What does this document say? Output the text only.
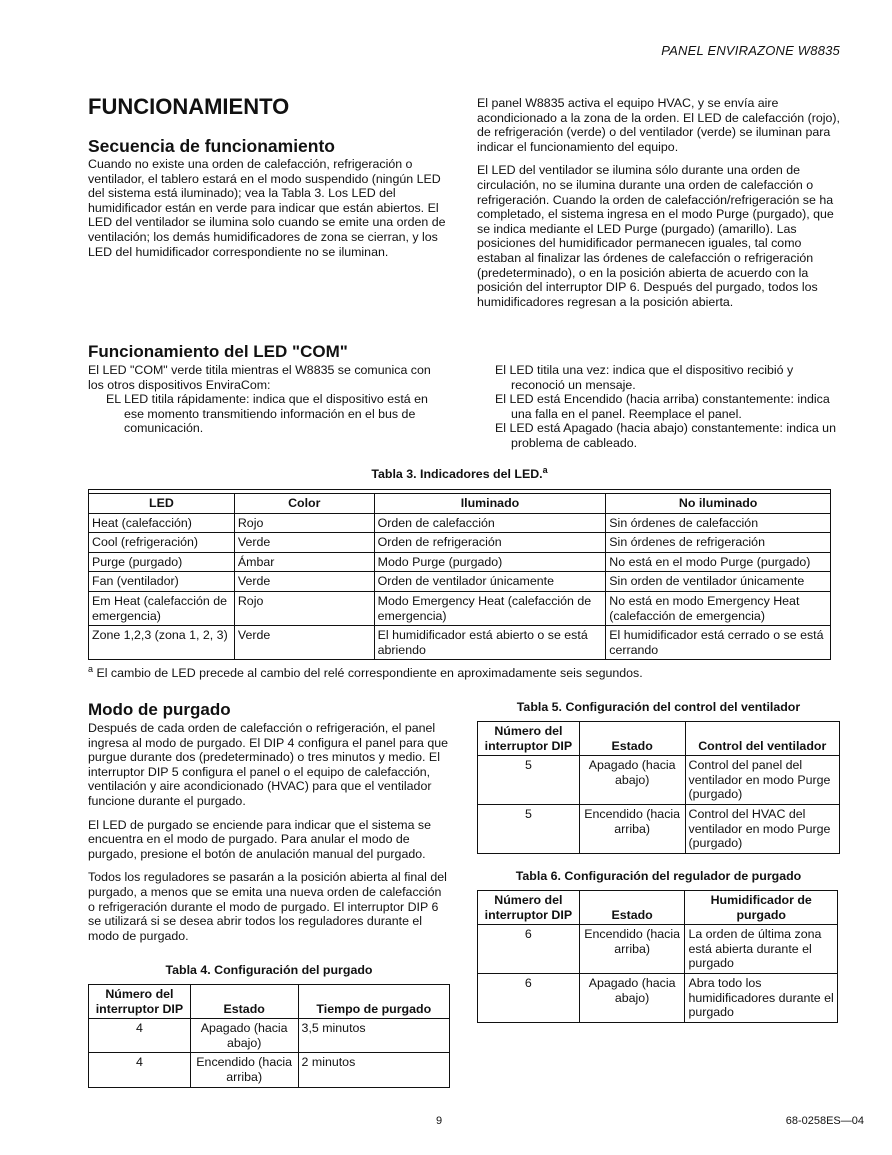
PANEL ENVIRAZONE W8835
FUNCIONAMIENTO
Secuencia de funcionamiento

Cuando no existe una orden de calefacción, refrigeración o ventilador, el tablero estará en el modo suspendido (ningún LED del sistema está iluminado); vea la Tabla 3. Los LED del humidificador están en verde para indicar que están abiertos. El LED del ventilador se ilumina solo cuando se emite una orden de ventilación; los demás humidificadores de zona se cierran, y los LED del humidificador correspondiente no se iluminan.

El panel W8835 activa el equipo HVAC, y se envía aire acondicionado a la zona de la orden. El LED de calefacción (rojo), de refrigeración (verde) o del ventilador (verde) se iluminan para indicar el funcionamiento del equipo.

El LED del ventilador se ilumina sólo durante una orden de circulación, no se ilumina durante una orden de calefacción o refrigeración. Cuando la orden de calefacción/refrigeración se ha completado, el sistema ingresa en el modo Purge (purgado), que se indica mediante el LED Purge (purgado) (amarillo). Las posiciones del humidificador permanecen iguales, tal como estaban al finalizar las órdenes de calefacción o refrigeración (predeterminado), o en la posición abierta de acuerdo con la posición del interruptor DIP 6. Después del purgado, todos los humidificadores regresan a la posición abierta.

Funcionamiento del LED "COM"

El LED "COM" verde titila mientras el W8835 se comunica con los otros dispositivos EnviraCom:

EL LED titila rápidamente: indica que el dispositivo está en ese momento transmitiendo información en el bus de comunicación.

El LED titila una vez: indica que el dispositivo recibió y reconoció un mensaje.

El LED está Encendido (hacia arriba) constantemente: indica una falla en el panel. Reemplace el panel.

El LED está Apagado (hacia abajo) constantemente: indica un problema de cableado.

Tabla 3. Indicadores del LED.$^a$

LED	Color	Iluminado	No iluminado
Heat (calefacción)	Rojo	Orden de calefacción	Sin órdenes de calefacción
Cool (refrigeración)	Verde	Orden de refrigeración	Sin órdenes de refrigeración
Purge (purgado)	Ámbar	Modo Purge (purgado)	No está en el modo Purge (purgado)
Fan (ventilador)	Verde	Orden de ventilador únicamente	Sin orden de ventilador únicamente
Em Heat (calefacción de emergencia)	Rojo	Modo Emergency Heat (calefacción de emergencia)	No está en modo Emergency Heat (calefacción de emergencia)
Zone 1,2,3 (zona 1, 2, 3)	Verde	El humidificador está abierto o se está abriendo	El humidificador está cerrado o se está cerrando
$^a$ El cambio de LED precede al cambio del relé correspondiente en aproximadamente seis segundos.
Modo de purgado

Después de cada orden de calefacción o refrigeración, el panel ingresa al modo de purgado. El DIP 4 configura el panel para que purgue durante dos (predeterminado) o tres minutos y medio. El interruptor DIP 5 configura el panel o el equipo de calefacción, ventilación y aire acondicionado (HVAC) para que el ventilador funcione durante el purgado.

El LED de purgado se enciende para indicar que el sistema se encuentra en el modo de purgado. Para anular el modo de purgado, presione el botón de anulación manual del purgado.

Todos los reguladores se pasarán a la posición abierta al final del purgado, a menos que se emita una nueva orden de calefacción o refrigeración durante el modo de purgado. El interruptor DIP 6 se utilizará si se desea abrir todos los reguladores durante el modo de purgado.

Tabla 4. Configuración del purgado
Número del interruptor DIP	Estado	Tiempo de purgado
4	Apagado (hacia abajo)	3,5 minutos
4	Encendido (hacia arriba)	2 minutos
Tabla 5. Configuración del control del ventilador
Número del interruptor DIP	Estado	Control del ventilador
5	Apagado (hacia abajo)	Control del panel del ventilador en modo Purge (purgado)
5	Encendido (hacia arriba)	Control del HVAC del ventilador en modo Purge (purgado)
Tabla 6. Configuración del regulador de purgado
Número del interruptor DIP	Estado	Humidificador de purgado
6	Encendido (hacia arriba)	La orden de última zona está abierta durante el purgado
6	Apagado (hacia abajo)	Abra todo los humidificadores durante el purgado
9	68-0258ES—04
